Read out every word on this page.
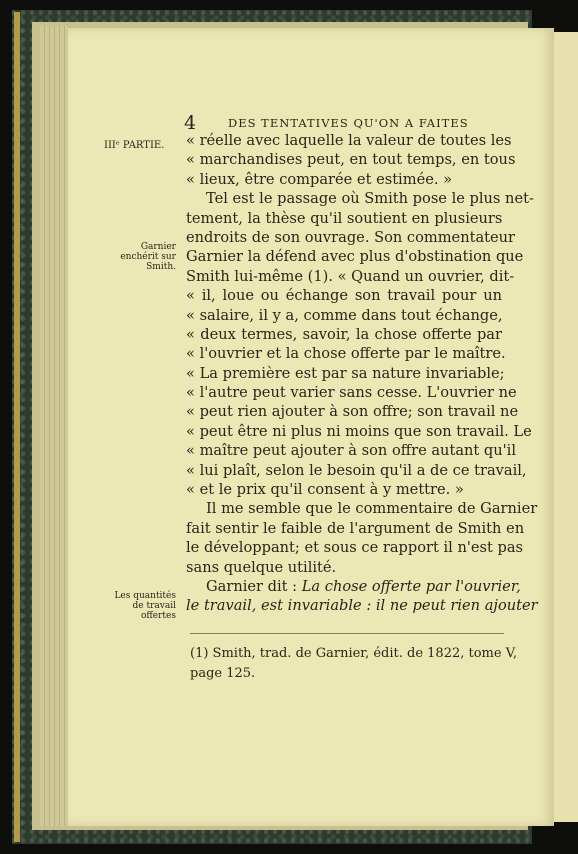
4	DES TENTATIVES QU'ON A FAITES
IIIᵉ PARTIE.
Garnier
enchérit sur
Smith.
Les quantités
de travail
offertes
« réelle avec laquelle la valeur de toutes les
« marchandises peut, en tout temps, en tous
« lieux, être comparée et estimée. »
Tel est le passage où Smith pose le plus net-
tement, la thèse qu'il soutient en plusieurs
endroits de son ouvrage. Son commentateur
Garnier la défend avec plus d'obstination que
Smith lui-même (1). « Quand un ouvrier, dit-
« il, loue ou échange son travail pour un
« salaire, il y a, comme dans tout échange,
« deux termes, savoir, la chose offerte par
« l'ouvrier et la chose offerte par le maître.
« La première est par sa nature invariable;
« l'autre peut varier sans cesse. L'ouvrier ne
« peut rien ajouter à son offre; son travail ne
« peut être ni plus ni moins que son travail. Le
« maître peut ajouter à son offre autant qu'il
« lui plaît, selon le besoin qu'il a de ce travail,
« et le prix qu'il consent à y mettre. »
Il me semble que le commentaire de Garnier
fait sentir le faible de l'argument de Smith en
le développant; et sous ce rapport il n'est pas
sans quelque utilité.
Garnier dit : La chose offerte par l'ouvrier,
le travail, est invariable : il ne peut rien ajouter
(1) Smith, trad. de Garnier, édit. de 1822, tome V,
page 125.
